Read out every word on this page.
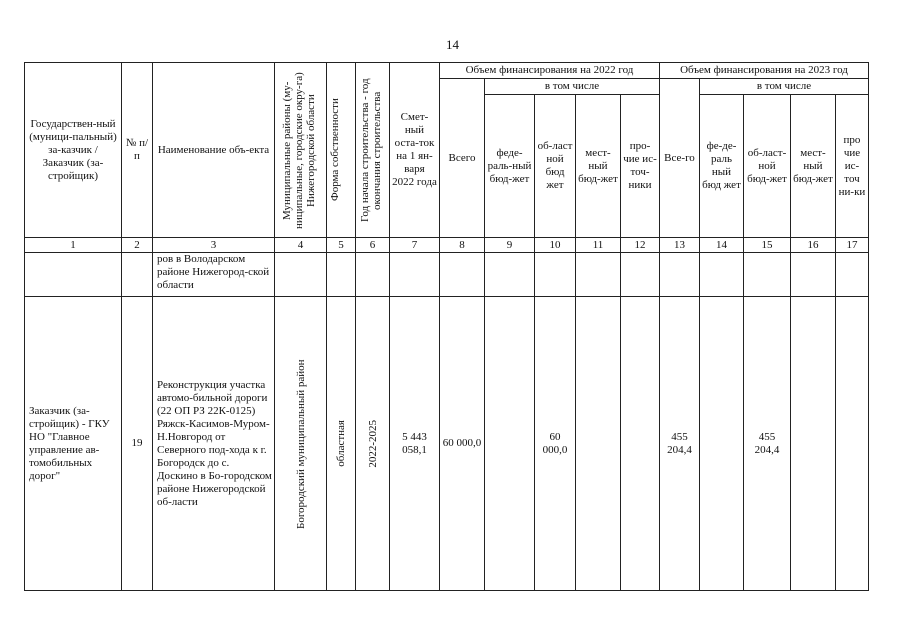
14
Государствен-ный (муници-пальный) за-казчик / Заказчик (за-стройщик)	№ п/п	Наименование объ-екта	Муниципальные районы (му-ниципальные, городские окру-га) Нижегородской области	Форма собственности	Год начала строительства - год окончания строительства	Смет-ный оста-ток на 1 ян-варя 2022 года	Объем финансирования на 2022 год					Объем финансирования на 2023 год				
							Всего	в том числе				Все-го	в том числе			
								феде-раль-ный бюд-жет	об-ласт ной бюд жет	мест-ный бюд-жет	про-чие ис-точ-ники		фе-де-раль ный бюд жет	об-ласт-ной бюд-жет	мест-ный бюд-жет	про чие ис-точ ни-ки
1	2	3	4	5	6	7	8	9	10	11	12	13	14	15	16	17
		ров в Володарском районе Нижегород-ской области														
Заказчик (за-стройщик) - ГКУ НО "Главное управление ав-томобильных дорог"	19	Реконструкция участка автомо-бильной дороги (22 ОП РЗ 22К-0125) Ряжск-Касимов-Муром-Н.Новгород от Северного под-хода к г. Богородск до с. Доскино в Бо-городском районе Нижегородской об-ласти	Богородский муниципальный район	областная	2022-2025	5 443 058,1	60 000,0		60 000,0			455 204,4		455 204,4		
